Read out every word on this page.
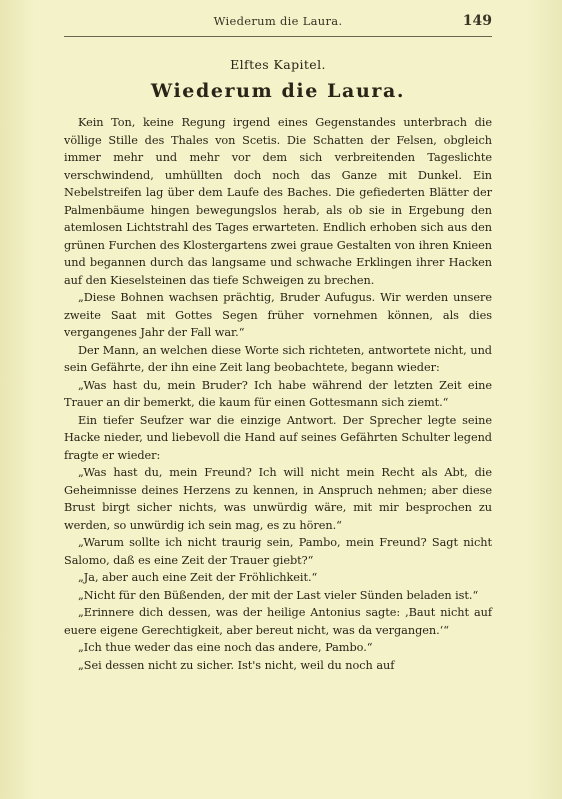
Wiederum die Laura.	149
Elftes Kapitel.
Wiederum die Laura.

Kein Ton, keine Regung irgend eines Gegenstandes unterbrach die völlige Stille des Thales von Scetis. Die Schatten der Felsen, obgleich immer mehr und mehr vor dem sich verbreitenden Tageslichte verschwindend, umhüllten doch noch das Ganze mit Dunkel. Ein Nebelstreifen lag über dem Laufe des Baches. Die gefiederten Blätter der Palmenbäume hingen bewegungslos herab, als ob sie in Ergebung den atemlosen Lichtstrahl des Tages erwarteten. Endlich erhoben sich aus den grünen Furchen des Klostergartens zwei graue Gestalten von ihren Knieen und begannen durch das langsame und schwache Erklingen ihrer Hacken auf den Kieselsteinen das tiefe Schweigen zu brechen.

„Diese Bohnen wachsen prächtig, Bruder Aufugus. Wir werden unsere zweite Saat mit Gottes Segen früher vornehmen können, als dies vergangenes Jahr der Fall war.“

Der Mann, an welchen diese Worte sich richteten, antwortete nicht, und sein Gefährte, der ihn eine Zeit lang beobachtete, begann wieder:

„Was hast du, mein Bruder? Ich habe während der letzten Zeit eine Trauer an dir bemerkt, die kaum für einen Gottesmann sich ziemt.“

Ein tiefer Seufzer war die einzige Antwort. Der Sprecher legte seine Hacke nieder, und liebevoll die Hand auf seines Gefährten Schulter legend fragte er wieder:

„Was hast du, mein Freund? Ich will nicht mein Recht als Abt, die Geheimnisse deines Herzens zu kennen, in Anspruch nehmen; aber diese Brust birgt sicher nichts, was unwürdig wäre, mit mir besprochen zu werden, so unwürdig ich sein mag, es zu hören.“

„Warum sollte ich nicht traurig sein, Pambo, mein Freund? Sagt nicht Salomo, daß es eine Zeit der Trauer giebt?“

„Ja, aber auch eine Zeit der Fröhlichkeit.“

„Nicht für den Büßenden, der mit der Last vieler Sünden beladen ist.“

„Erinnere dich dessen, was der heilige Antonius sagte: ‚Baut nicht auf euere eigene Gerechtigkeit, aber bereut nicht, was da vergangen.‘“

„Ich thue weder das eine noch das andere, Pambo.“

„Sei dessen nicht zu sicher. Ist's nicht, weil du noch auf
